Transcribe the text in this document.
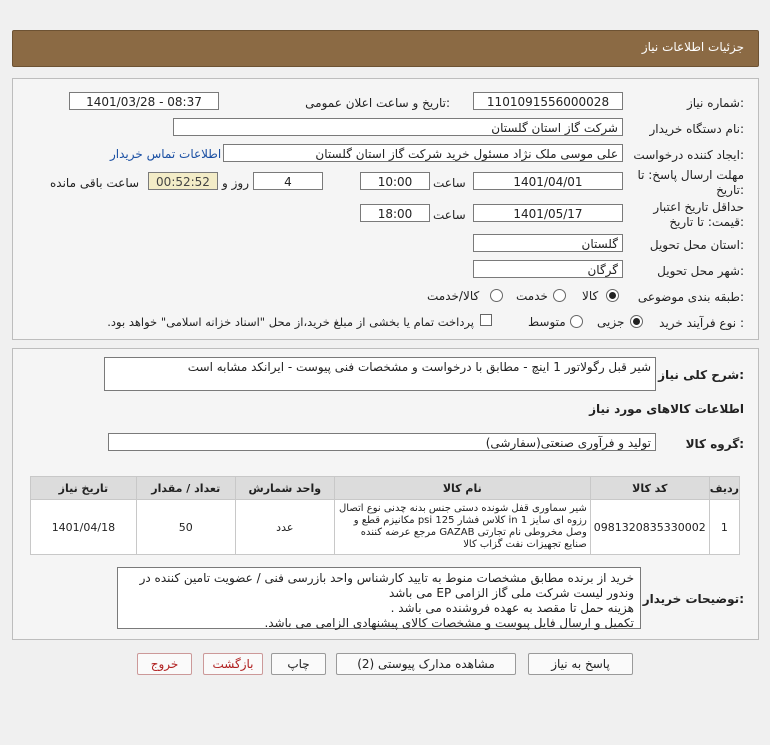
جزئیات اطلاعات نیاز
شماره نیاز:
1101091556000028
تاریخ و ساعت اعلان عمومی:
1401/03/28 - 08:37
نام دستگاه خریدار:
شرکت گاز استان گلستان
ایجاد کننده درخواست:
علی موسی ملک نژاد مسئول خرید شرکت گاز استان گلستان
اطلاعات تماس خریدار
مهلت ارسال پاسخ: تا
تاریخ:
1401/04/01
ساعت
10:00
4
روز و
00:52:52
ساعت باقی مانده
حداقل تاریخ اعتبار
قیمت: تا تاریخ:
1401/05/17
ساعت
18:00
استان محل تحویل:
گلستان
شهر محل تحویل:
گرگان
طبقه بندی موضوعی:
کالا
خدمت
کالا/خدمت
نوع فرآیند خرید :
جزیی
متوسط
پرداخت تمام یا بخشی از مبلغ خرید،از محل "اسناد خزانه اسلامی" خواهد بود.
شرح کلی نیاز:
شیر قبل رگولاتور 1 اینچ - مطابق با درخواست و مشخصات فنی پیوست - ایرانکد مشابه است
اطلاعات کالاهای مورد نیاز
گروه کالا:
تولید و فرآوری صنعتی(سفارشی)
ردیف	کد کالا	نام کالا	واحد شمارش	تعداد / مقدار	تاریخ نیاز
1	0981320835330002	شیر سماوری قفل شونده دستی جنس بدنه چدنی نوع اتصال رزوه ای سایز 1 in کلاس فشار 125 psi مکانیزم قطع و وصل مخروطی نام تجارتی GAZAB مرجع عرضه کننده صنایع تجهیزات نفت گزاب کالا	عدد	50	1401/04/18
توضیحات خریدار:
خرید از برنده مطابق مشخصات منوط به تایید کارشناس واحد بازرسی فنی / عضویت تامین کننده در وندور لیست شرکت ملی گاز الزامی EP می باشد
هزینه حمل تا مقصد به عهده فروشنده می باشد .
تکمیل و ارسال فایل پیوست و مشخصات کالای پیشنهادی الزامی می باشد.
پاسخ به نیاز
مشاهده مدارک پیوستی (2)
چاپ
بازگشت
خروج
